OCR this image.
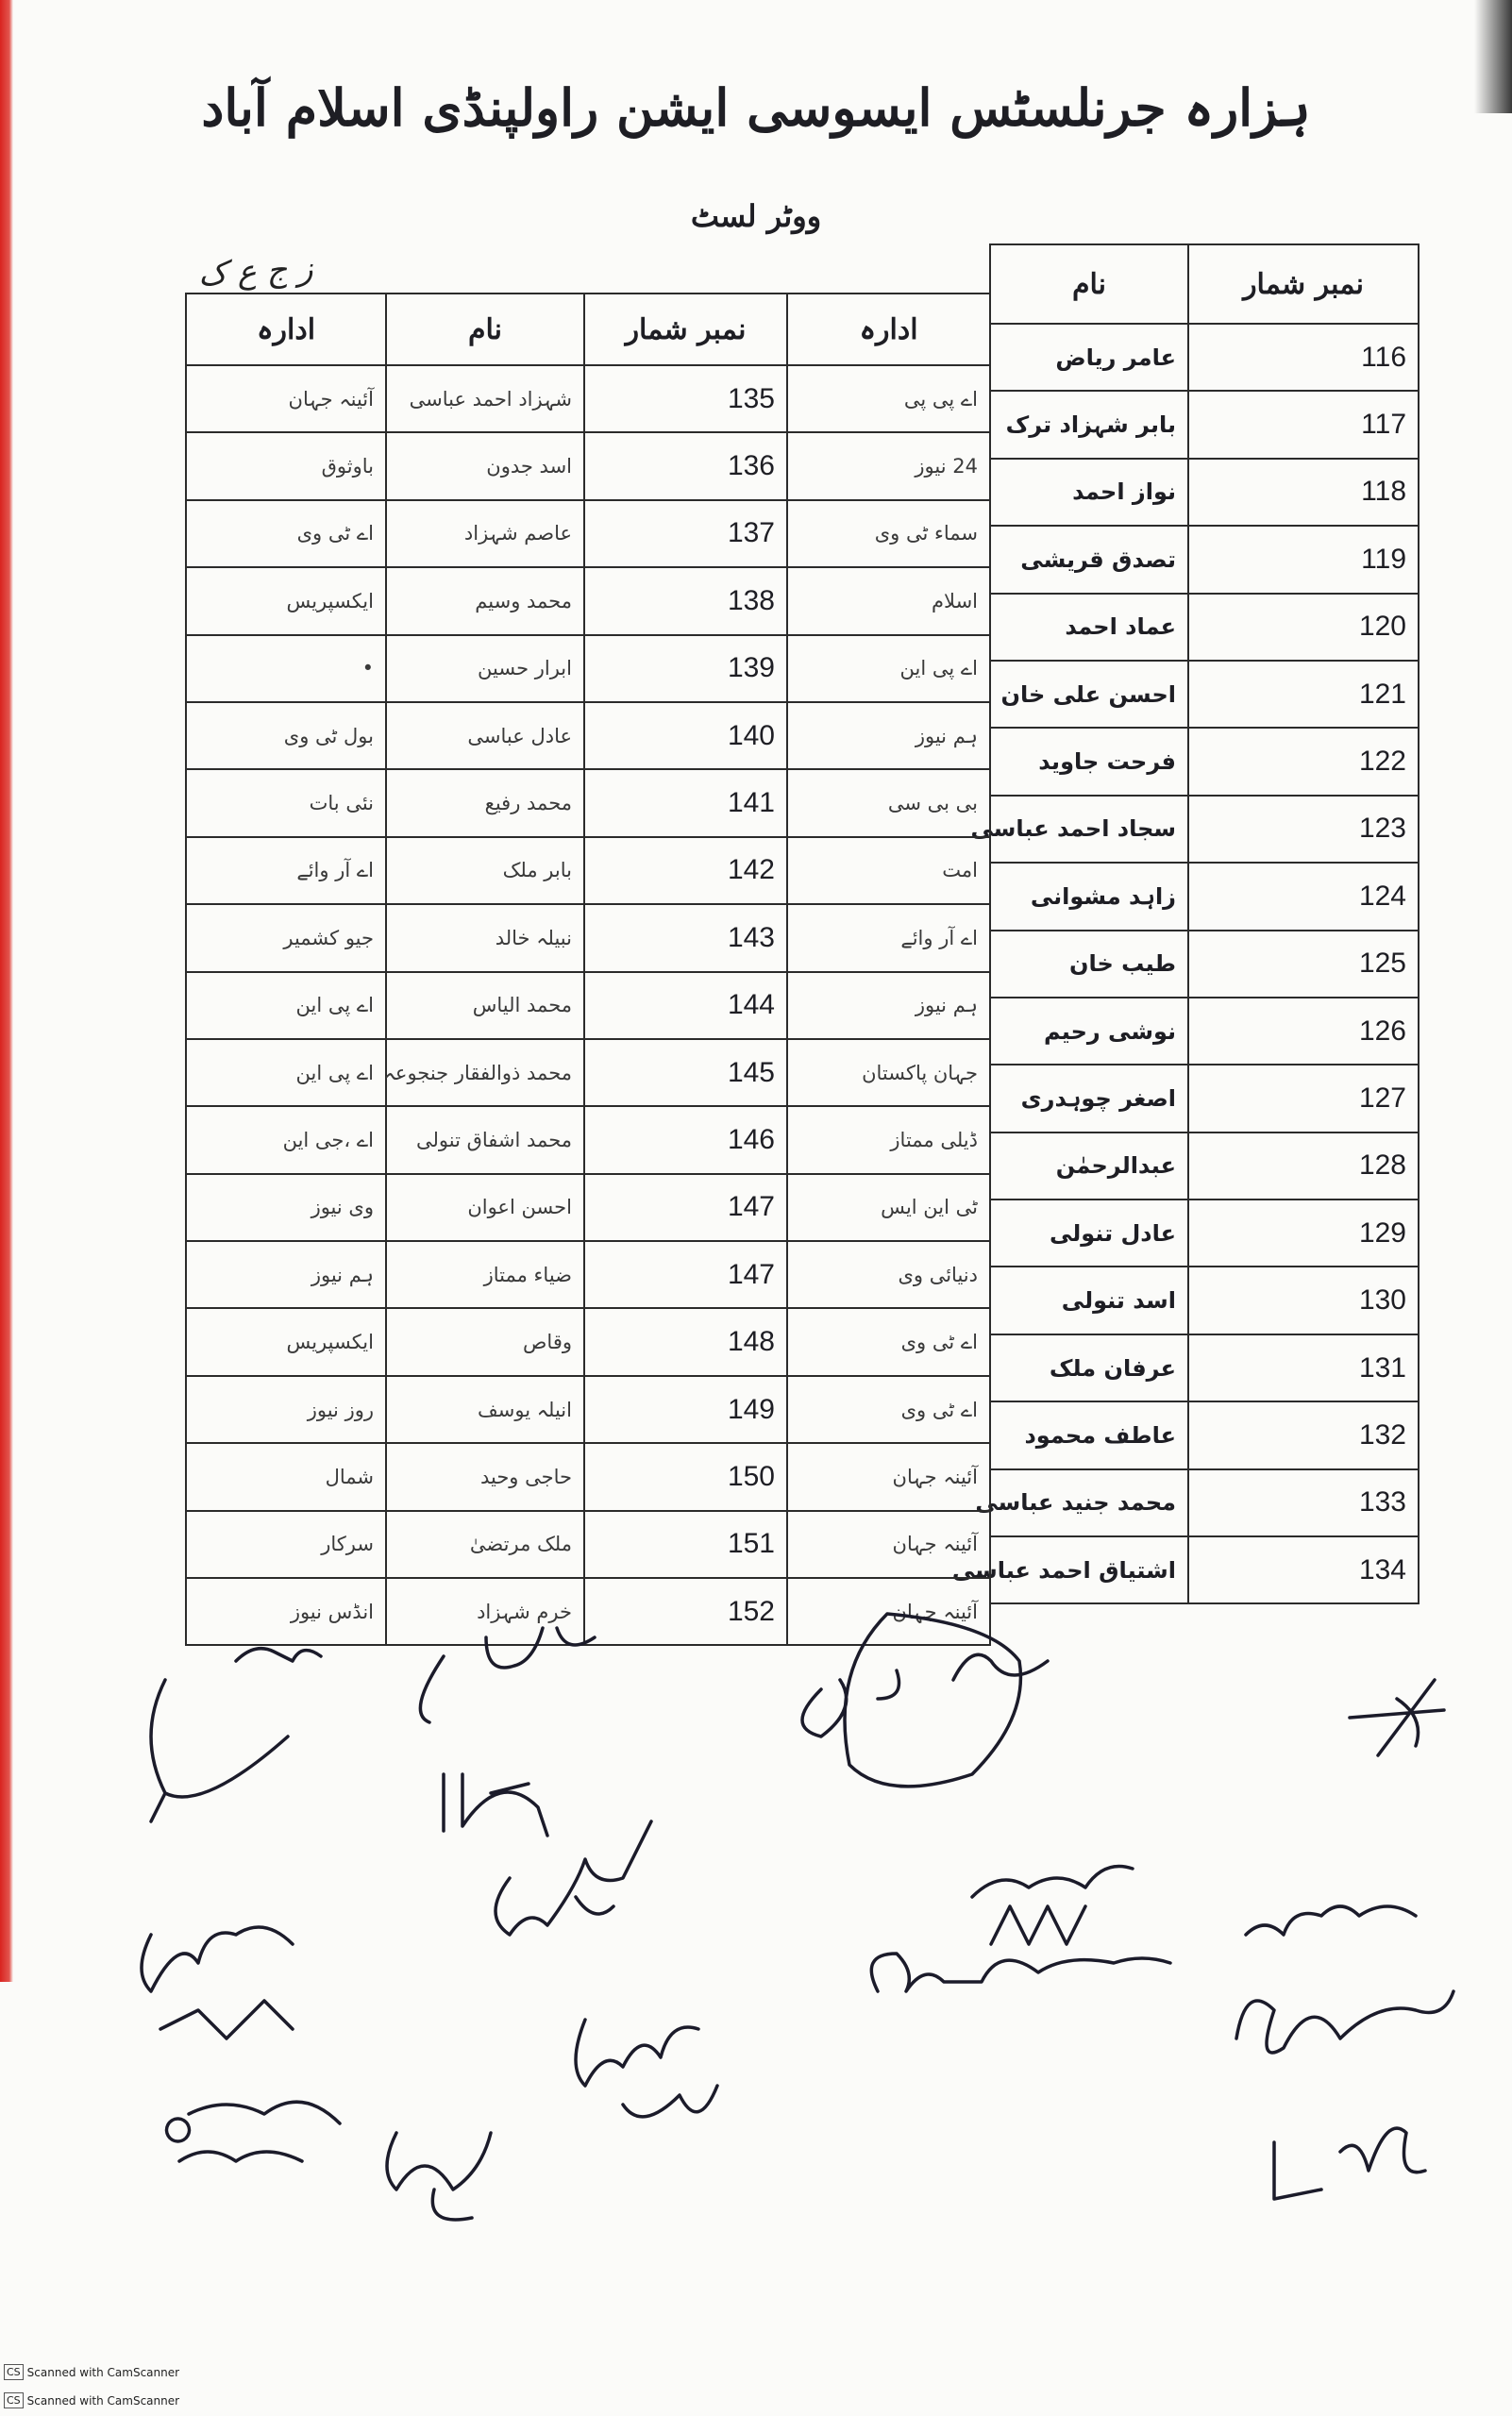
ہزارہ جرنلسٹس ایسوسی ایشن راولپنڈی اسلام آباد
ووٹر لسٹ
ز ج ع ک	نام	نمبر شمار
عامر ریاض	116
بابر شہزاد ترک	117
نواز احمد	118
تصدق قریشی	119
عماد احمد	120
احسن علی خان	121
فرحت جاوید	122
سجاد احمد عباسی	123
زاہد مشوانی	124
طیب خان	125
نوشی رحیم	126
اصغر چوہدری	127
عبدالرحمٰن	128
عادل تنولی	129
اسد تنولی	130
عرفان ملک	131
عاطف محمود	132
محمد جنید عباسی	133
اشتیاق احمد عباسی	134
ادارہ	نام	نمبر شمار	ادارہ
آئینہ جہان	شہزاد احمد عباسی	135	اے پی پی
باوثوق	اسد جدون	136	24 نیوز
اے ٹی وی	عاصم شہزاد	137	سماء ٹی وی
ایکسپریس	محمد وسیم	138	اسلام
•	ابرار حسین	139	اے پی این
بول ٹی وی	عادل عباسی	140	ہم نیوز
نئی بات	محمد رفیع	141	بی بی سی
اے آر وائے	بابر ملک	142	امت
جیو کشمیر	نبیلہ خالد	143	اے آر وائے
اے پی این	محمد الیاس	144	ہم نیوز
اے پی این	محمد ذوالفقار جنجوعہ	145	جہان پاکستان
اے ،جی این	محمد اشفاق تنولی	146	ڈیلی ممتاز
وی نیوز	احسن اعوان	147	ٹی این ایس
ہم نیوز	ضیاء ممتاز	147	دنیائی وی
ایکسپریس	وقاص	148	اے ٹی وی
روز نیوز	انیلہ یوسف	149	اے ٹی وی
شمال	حاجی وحید	150	آئینہ جہان
سرکار	ملک مرتضیٰ	151	آئینہ جہان
انڈس نیوز	خرم شہزاد	152	آئینہ جہان
CS Scanned with CamScanner
CS Scanned with CamScanner
